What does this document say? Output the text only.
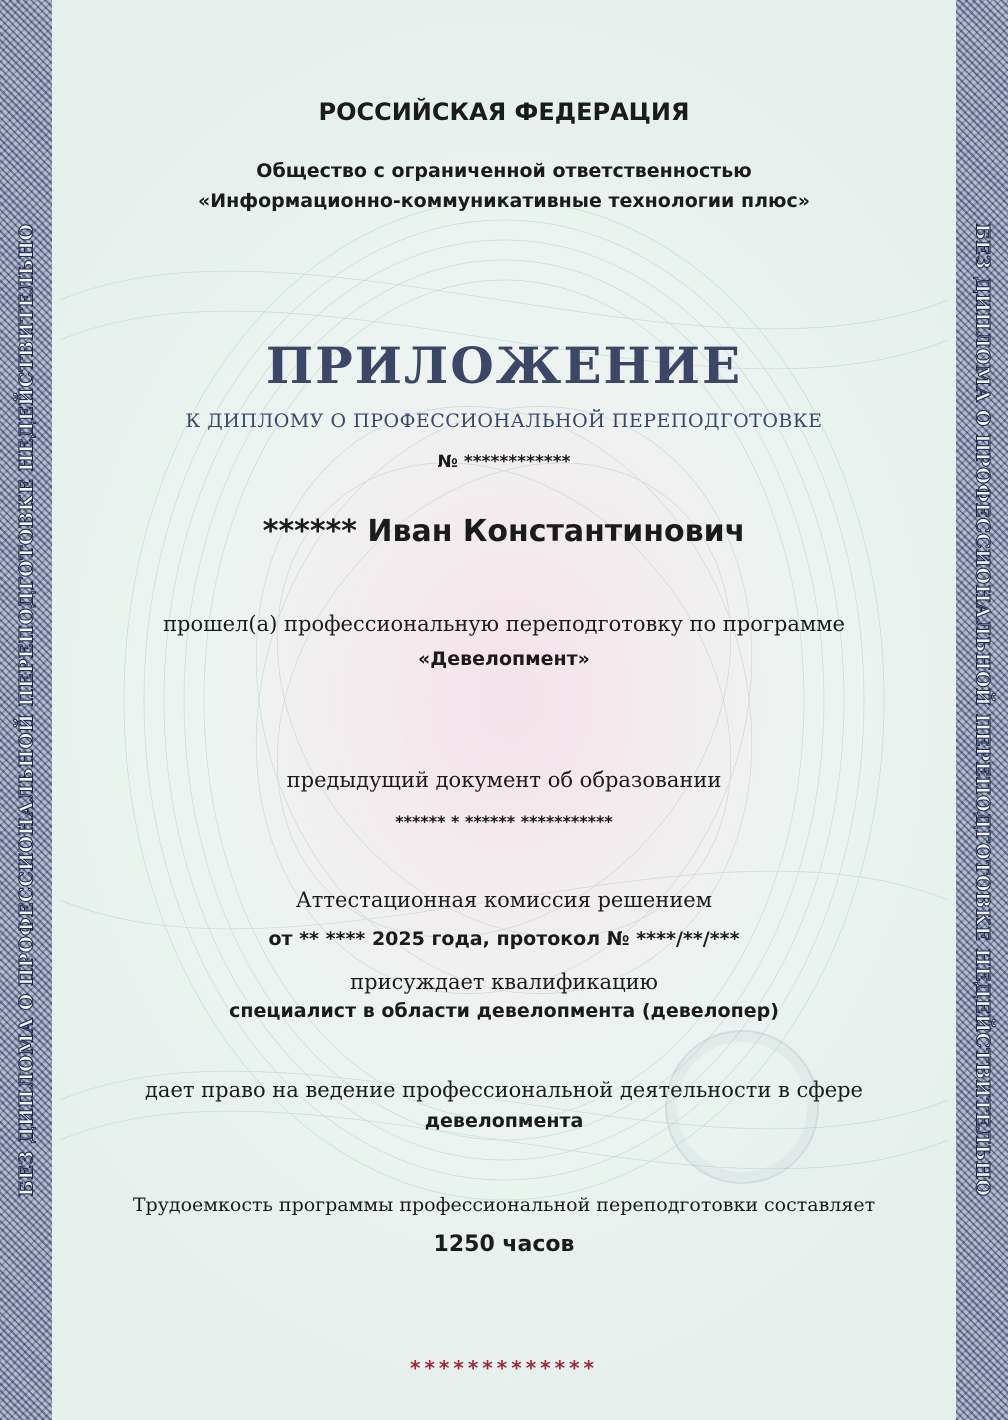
БЕЗ ДИПЛОМА О ПРОФЕССИОНАЛЬНОЙ ПЕРЕПОДГОТОВКЕ НЕДЕЙСТВИТЕЛЬНО	БЕЗ ДИПЛОМА О ПРОФЕССИОНАЛЬНОЙ ПЕРЕПОДГОТОВКЕ НЕДЕЙСТВИТЕЛЬНО
РОССИЙСКАЯ ФЕДЕРАЦИЯ
Общество с ограниченной ответственностью
«Информационно-коммуникативные технологии плюс»
ПРИЛОЖЕНИЕ
К ДИПЛОМУ О ПРОФЕССИОНАЛЬНОЙ ПЕРЕПОДГОТОВКЕ
№ ************
****** Иван Константинович
прошел(а) профессиональную переподготовку по программе
«Девелопмент»
предыдущий документ об образовании
****** * ****** ***********
Аттестационная комиссия решением
от ** **** 2025 года, протокол № ****/**/***
присуждает квалификацию
специалист в области девелопмента (девелопер)
дает право на ведение профессиональной деятельности в сфере
девелопмента
Трудоемкость программы профессиональной переподготовки составляет
1250 часов
*************
